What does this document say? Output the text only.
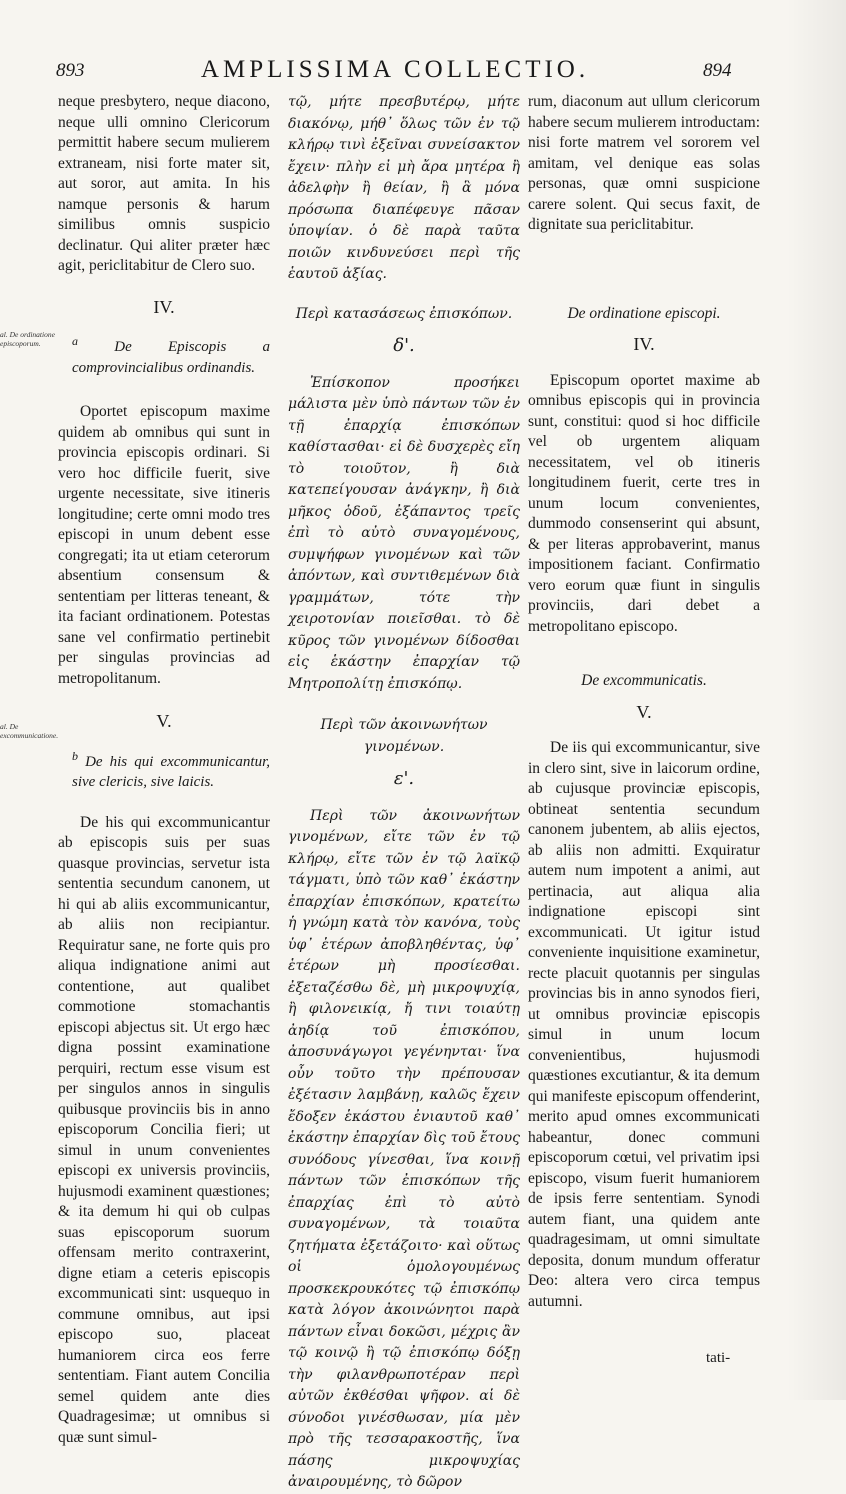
893	AMPLISSIMA COLLECTIO.	894
al. De ordinatione episcoporum.
al. De excommunicatione.

neque presbytero, neque diacono, neque ulli omnino Clericorum permittit habere secum mulierem extraneam, nisi forte mater sit, aut soror, aut amita. In his namque personis & harum similibus omnis suspicio declinatur. Qui aliter præter hæc agit, periclitabitur de Clero suo.

IV.

$^a$ De Episcopis a comprovincialibus ordinandis.

Oportet episcopum maxime quidem ab omnibus qui sunt in provincia episcopis ordinari. Si vero hoc difficile fuerit, sive urgente necessitate, sive itineris longitudine; certe omni modo tres episcopi in unum debent esse congregati; ita ut etiam ceterorum absentium consensum & sententiam per litteras teneant, & ita faciant ordinationem. Potestas sane vel confirmatio pertinebit per singulas provincias ad metropolitanum.

V.

$^b$ De his qui excommunicantur, sive clericis, sive laicis.

De his qui excommunicantur ab episcopis suis per suas quasque provincias, servetur ista sententia secundum canonem, ut hi qui ab aliis excommunicantur, ab aliis non recipiantur. Requiratur sane, ne forte quis pro aliqua indignatione animi aut contentione, aut qualibet commotione stomachantis episcopi abjectus sit. Ut ergo hæc digna possint examinatione perquiri, rectum esse visum est per singulos annos in singulis quibusque provinciis bis in anno episcoporum Concilia fieri; ut simul in unum convenientes episcopi ex universis provinciis, hujusmodi examinent quæstiones; & ita demum hi qui ob culpas suas episcoporum suorum offensam merito contraxerint, digne etiam a ceteris episcopis excommunicati sint: usquequo in commune omnibus, aut ipsi episcopo suo, placeat humaniorem circa eos ferre sententiam. Fiant autem Concilia semel quidem ante dies Quadragesimæ; ut omnibus si quæ sunt simul-

τῷ, μήτε πρεσβυτέρῳ, μήτε διακόνῳ, μήθ᾽ ὅλως τῶν ἐν τῷ κλήρῳ τινὶ ἐξεῖναι συνείσακτον ἔχειν· πλὴν εἰ μὴ ἄρα μητέρα ἢ ἀδελφὴν ἢ θείαν, ἢ ἃ μόνα πρόσωπα διαπέφευγε πᾶσαν ὑποψίαν. ὁ δὲ παρὰ ταῦτα ποιῶν κινδυνεύσει περὶ τῆς ἑαυτοῦ ἀξίας.

Περὶ κατασάσεως ἐπισκόπων.

δ'.

Ἐπίσκοπον προσήκει μάλιστα μὲν ὑπὸ πάντων τῶν ἐν τῇ ἐπαρχίᾳ ἐπισκόπων καθίστασθαι· εἰ δὲ δυσχερὲς εἴη τὸ τοιοῦτον, ἢ διὰ κατεπείγουσαν ἀνάγκην, ἢ διὰ μῆκος ὁδοῦ, ἐξάπαντος τρεῖς ἐπὶ τὸ αὐτὸ συναγομένους, συμψήφων γινομένων καὶ τῶν ἀπόντων, καὶ συντιθεμένων διὰ γραμμάτων, τότε τὴν χειροτονίαν ποιεῖσθαι. τὸ δὲ κῦρος τῶν γινομένων δίδοσθαι εἰς ἑκάστην ἐπαρχίαν τῷ Μητροπολίτῃ ἐπισκόπῳ.

Περὶ τῶν ἀκοινωνήτων γινομένων.

ε'.

Περὶ τῶν ἀκοινωνήτων γινομένων, εἴτε τῶν ἐν τῷ κλήρῳ, εἴτε τῶν ἐν τῷ λαϊκῷ τάγματι, ὑπὸ τῶν καθ᾽ ἑκάστην ἐπαρχίαν ἐπισκόπων, κρατείτω ἡ γνώμη κατὰ τὸν κανόνα, τοὺς ὑφ᾽ ἑτέρων ἀποβληθέντας, ὑφ᾽ ἑτέρων μὴ προσίεσθαι. ἐξεταζέσθω δὲ, μὴ μικροψυχίᾳ, ἢ φιλονεικίᾳ, ἤ τινι τοιαύτῃ ἀηδίᾳ τοῦ ἐπισκόπου, ἀποσυνάγωγοι γεγένηνται· ἵνα οὖν τοῦτο τὴν πρέπουσαν ἐξέτασιν λαμβάνῃ, καλῶς ἔχειν ἔδοξεν ἑκάστου ἐνιαυτοῦ καθ᾽ ἑκάστην ἐπαρχίαν δὶς τοῦ ἔτους συνόδους γίνεσθαι, ἵνα κοινῇ πάντων τῶν ἐπισκόπων τῆς ἐπαρχίας ἐπὶ τὸ αὐτὸ συναγομένων, τὰ τοιαῦτα ζητήματα ἐξετάζοιτο· καὶ οὕτως οἱ ὁμολογουμένως προσκεκρουκότες τῷ ἐπισκόπῳ κατὰ λόγον ἀκοινώνητοι παρὰ πάντων εἶναι δοκῶσι, μέχρις ἂν τῷ κοινῷ ἢ τῷ ἐπισκόπῳ δόξῃ τὴν φιλανθρωποτέραν περὶ αὐτῶν ἐκθέσθαι ψῆφον. αἱ δὲ σύνοδοι γινέσθωσαν, μία μὲν πρὸ τῆς τεσσαρακοστῆς, ἵνα πάσης μικροψυχίας ἀναιρουμένης, τὸ δῶρον

rum, diaconum aut ullum clericorum habere secum mulierem introductam: nisi forte matrem vel sororem vel amitam, vel denique eas solas personas, quæ omni suspicione carere solent. Qui secus faxit, de dignitate sua periclitabitur.

De ordinatione episcopi.

IV.

Episcopum oportet maxime ab omnibus episcopis qui in provincia sunt, constitui: quod si hoc difficile vel ob urgentem aliquam necessitatem, vel ob itineris longitudinem fuerit, certe tres in unum locum convenientes, dummodo consenserint qui absunt, & per literas approbaverint, manus impositionem faciant. Confirmatio vero eorum quæ fiunt in singulis provinciis, dari debet a metropolitano episcopo.

De excommunicatis.

V.

De iis qui excommunicantur, sive in clero sint, sive in laicorum ordine, ab cujusque provinciæ episcopis, obtineat sententia secundum canonem jubentem, ab aliis ejectos, ab aliis non admitti. Exquiratur autem num impotent a animi, aut pertinacia, aut aliqua alia indignatione episcopi sint excommunicati. Ut igitur istud conveniente inquisitione examinetur, recte placuit quotannis per singulas provincias bis in anno synodos fieri, ut omnibus provinciæ episcopis simul in unum locum convenientibus, hujusmodi quæstiones excutiantur, & ita demum qui manifeste episcopum offenderint, merito apud omnes excommunicati habeantur, donec communi episcoporum cœtui, vel privatim ipsi episcopo, visum fuerit humaniorem de ipsis ferre sententiam. Synodi autem fiant, una quidem ante quadragesimam, ut omni simultate deposita, donum mundum offeratur Deo: altera vero circa tempus autumni.

tati-
